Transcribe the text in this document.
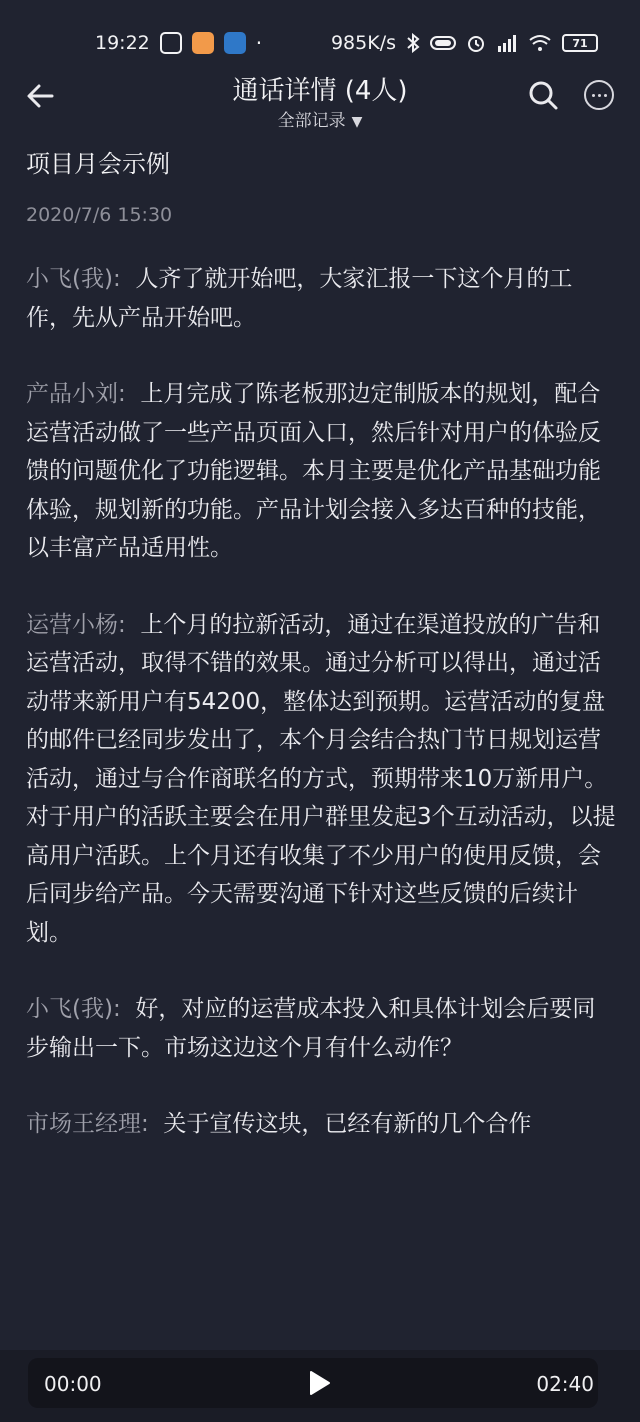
19:22	·	985K/s	71
通话详情 (4人)
全部记录 ▼
项目月会示例
2020/7/6 15:30

小飞(我): 人齐了就开始吧，大家汇报一下这个月的工作，先从产品开始吧。

产品小刘: 上月完成了陈老板那边定制版本的规划，配合运营活动做了一些产品页面入口，然后针对用户的体验反馈的问题优化了功能逻辑。本月主要是优化产品基础功能体验，规划新的功能。产品计划会接入多达百种的技能，以丰富产品适用性。

运营小杨: 上个月的拉新活动，通过在渠道投放的广告和运营活动，取得不错的效果。通过分析可以得出，通过活动带来新用户有54200，整体达到预期。运营活动的复盘的邮件已经同步发出了，本个月会结合热门节日规划运营活动，通过与合作商联名的方式，预期带来10万新用户。对于用户的活跃主要会在用户群里发起3个互动活动，以提高用户活跃。上个月还有收集了不少用户的使用反馈，会后同步给产品。今天需要沟通下针对这些反馈的后续计划。

小飞(我): 好，对应的运营成本投入和具体计划会后要同步输出一下。市场这边这个月有什么动作？

市场王经理: 关于宣传这块，已经有新的几个合作

00:00	02:40
